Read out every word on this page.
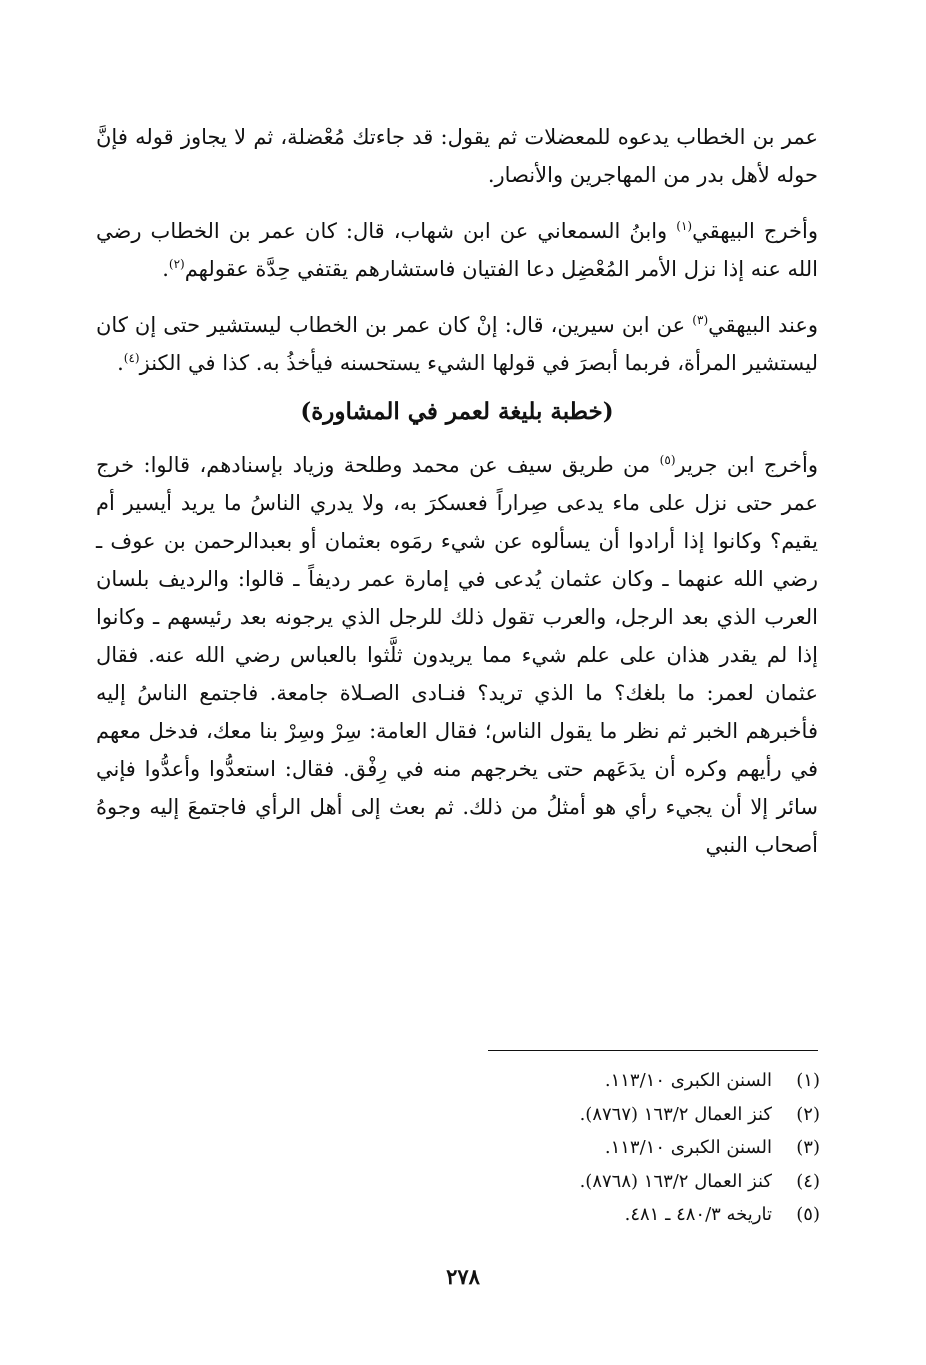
عمر بن الخطاب يدعوه للمعضلات ثم يقول: قد جاءتك مُعْضلة، ثم لا يجاوز قوله فإنَّ حوله لأهل بدر من المهاجرين والأنصار.

وأخرج البيهقي$^{(١)}$ وابنُ السمعاني عن ابن شهاب، قال: كان عمر بن الخطاب رضي الله عنه إذا نزل الأمر المُعْضِل دعا الفتيان فاستشارهم يقتفي حِدَّة عقولهم$^{(٢)}$.

وعند البيهقي$^{(٣)}$ عن ابن سيرين، قال: إنْ كان عمر بن الخطاب ليستشير حتى إن كان ليستشير المرأة، فربما أبصرَ في قولها الشيء يستحسنه فيأخذُ به. كذا في الكنز$^{(٤)}$.

(خطبة بليغة لعمر في المشاورة)

وأخرج ابن جرير$^{(٥)}$ من طريق سيف عن محمد وطلحة وزياد بإسنادهم، قالوا: خرج عمر حتى نزل على ماء يدعى صِراراً فعسكرَ به، ولا يدري الناسُ ما يريد أيسير أم يقيم؟ وكانوا إذا أرادوا أن يسألوه عن شيء رمَوه بعثمان أو بعبدالرحمن بن عوف ـ رضي الله عنهما ـ وكان عثمان يُدعى في إمارة عمر رديفاً ـ قالوا: والرديف بلسان العرب الذي بعد الرجل، والعرب تقول ذلك للرجل الذي يرجونه بعد رئيسهم ـ وكانوا إذا لم يقدر هذان على علم شيء مما يريدون ثلَّثوا بالعباس رضي الله عنه. فقال عثمان لعمر: ما بلغك؟ ما الذي تريد؟ فنـادى الصـلاة جامعة. فاجتمع الناسُ إليه فأخبرهم الخبر ثم نظر ما يقول الناس؛ فقال العامة: سِرْ وسِرْ بنا معك، فدخل معهم في رأيهم وكره أن يدَعَهم حتى يخرجهم منه في رِفْق. فقال: استعدُّوا وأعدُّوا فإني سائر إلا أن يجيء رأي هو أمثلُ من ذلك. ثم بعث إلى أهل الرأي فاجتمعَ إليه وجوهُ أصحاب النبي

(١)السنن الكبرى ١١٣/١٠.
(٢)كنز العمال ١٦٣/٢ (٨٧٦٧).
(٣)السنن الكبرى ١١٣/١٠.
(٤)كنز العمال ١٦٣/٢ (٨٧٦٨).
(٥)تاريخه ٤٨٠/٣ ـ ٤٨١.
٢٧٨
